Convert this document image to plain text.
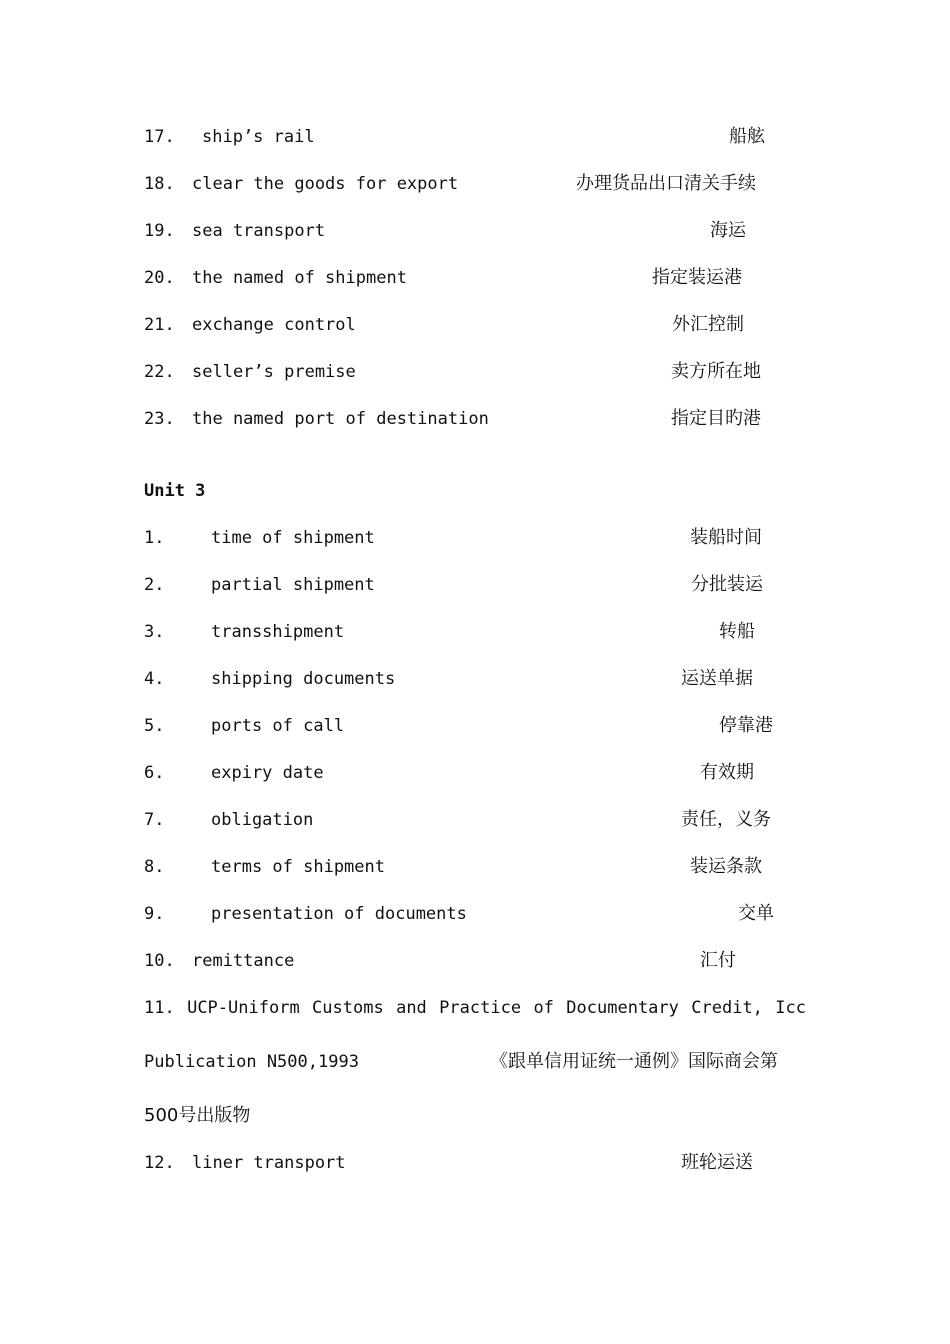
17. ship’s rail	船舷
18. clear the goods for export	办理货品出口清关手续
19. sea transport	海运
20. the named of shipment	指定装运港
21. exchange control	外汇控制
22. seller’s premise	卖方所在地
23. the named port of destination	指定目旳港
Unit 3
1.	time of shipment	装船时间
2.	partial shipment	分批装运
3.	transshipment	转船
4.	shipping documents	运送单据
5.	ports of call	停靠港
6.	expiry date	有效期
7.	obligation	责任，义务
8.	terms of shipment	装运条款
9.	presentation of documents	交单
10. remittance	汇付
11. UCP-Uniform Customs and Practice of Documentary Credit, Icc
Publication N500,1993	《跟单信用证统一通例》国际商会第
500号出版物
12. liner transport	班轮运送
